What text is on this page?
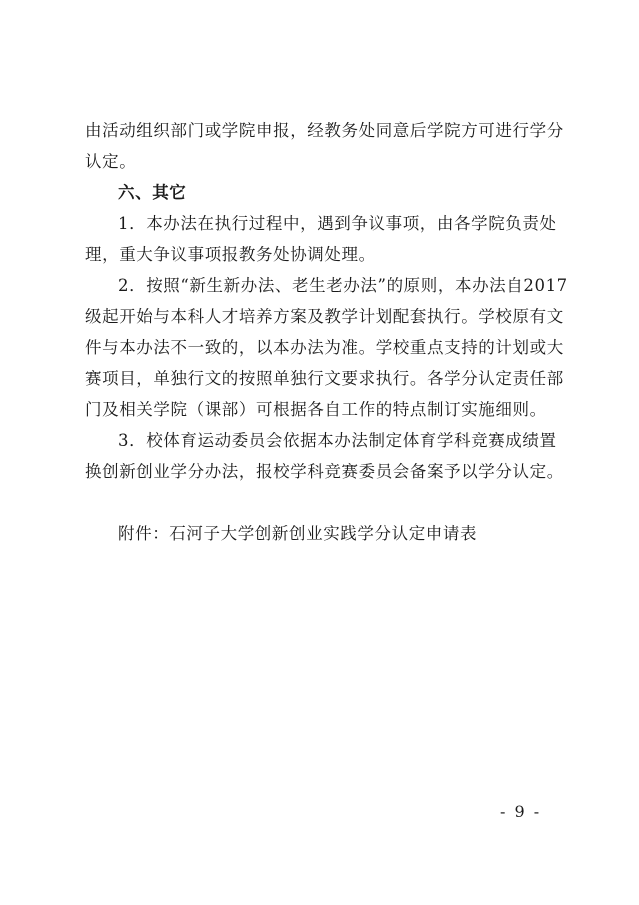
由活动组织部门或学院申报，经教务处同意后学院方可进行学分
认定。
六、其它
1．本办法在执行过程中，遇到争议事项，由各学院负责处
理，重大争议事项报教务处协调处理。
2．按照“新生新办法、老生老办法”的原则，本办法自2017
级起开始与本科人才培养方案及教学计划配套执行。学校原有文
件与本办法不一致的，以本办法为准。学校重点支持的计划或大
赛项目，单独行文的按照单独行文要求执行。各学分认定责任部
门及相关学院（课部）可根据各自工作的特点制订实施细则。
3．校体育运动委员会依据本办法制定体育学科竞赛成绩置
换创新创业学分办法，报校学科竞赛委员会备案予以学分认定。
附件：石河子大学创新创业实践学分认定申请表
- 9 -
